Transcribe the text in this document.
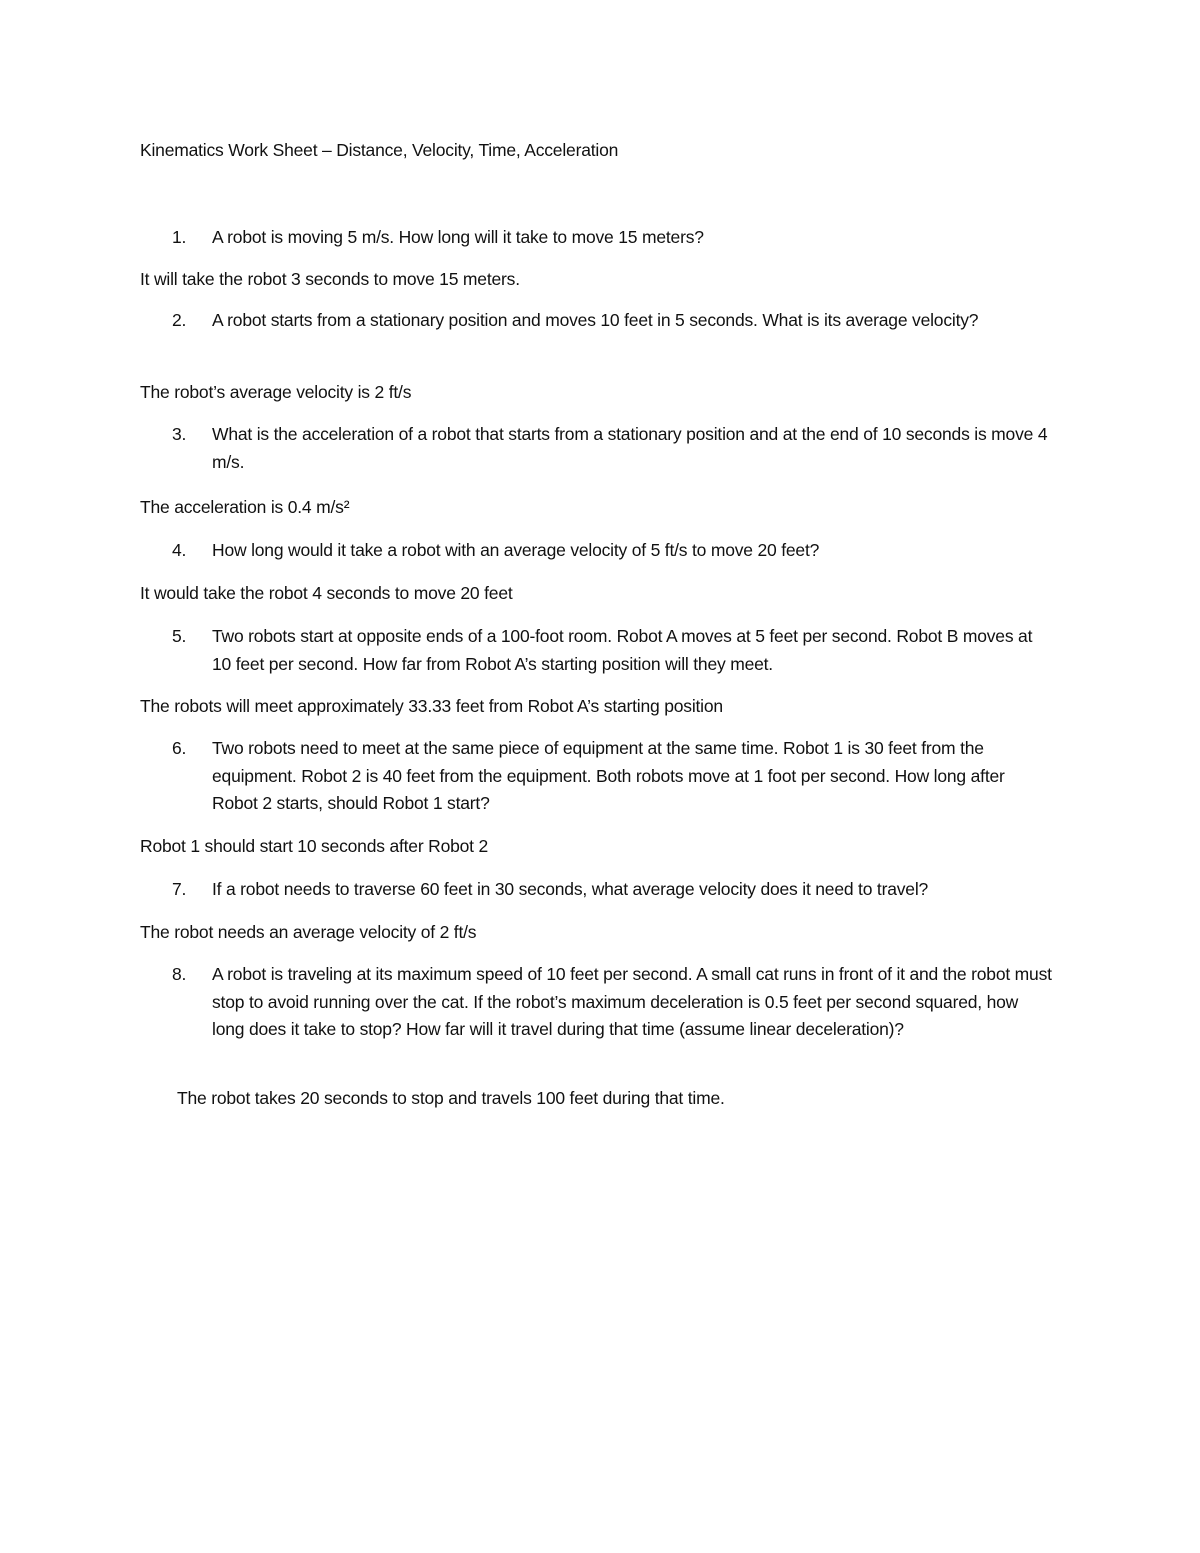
Kinematics Work Sheet – Distance, Velocity, Time, Acceleration
1.	A robot is moving 5 m/s. How long will it take to move 15 meters?
It will take the robot 3 seconds to move 15 meters.
2.	A robot starts from a stationary position and moves 10 feet in 5 seconds. What is its average velocity?
The robot’s average velocity is 2 ft/s
3.	What is the acceleration of a robot that starts from a stationary position and at the end of 10 seconds is move 4 m/s.
The acceleration is 0.4 m/s²
4.	How long would it take a robot with an average velocity of 5 ft/s to move 20 feet?
It would take the robot 4 seconds to move 20 feet
5.	Two robots start at opposite ends of a 100-foot room. Robot A moves at 5 feet per second. Robot B moves at 10 feet per second. How far from Robot A’s starting position will they meet.
The robots will meet approximately 33.33 feet from Robot A’s starting position
6.	Two robots need to meet at the same piece of equipment at the same time. Robot 1 is 30 feet from the equipment. Robot 2 is 40 feet from the equipment. Both robots move at 1 foot per second. How long after Robot 2 starts, should Robot 1 start?
Robot 1 should start 10 seconds after Robot 2
7.	If a robot needs to traverse 60 feet in 30 seconds, what average velocity does it need to travel?
The robot needs an average velocity of 2 ft/s
8.	A robot is traveling at its maximum speed of 10 feet per second. A small cat runs in front of it and the robot must stop to avoid running over the cat. If the robot’s maximum deceleration is 0.5 feet per second squared, how long does it take to stop? How far will it travel during that time (assume linear deceleration)?
The robot takes 20 seconds to stop and travels 100 feet during that time.
